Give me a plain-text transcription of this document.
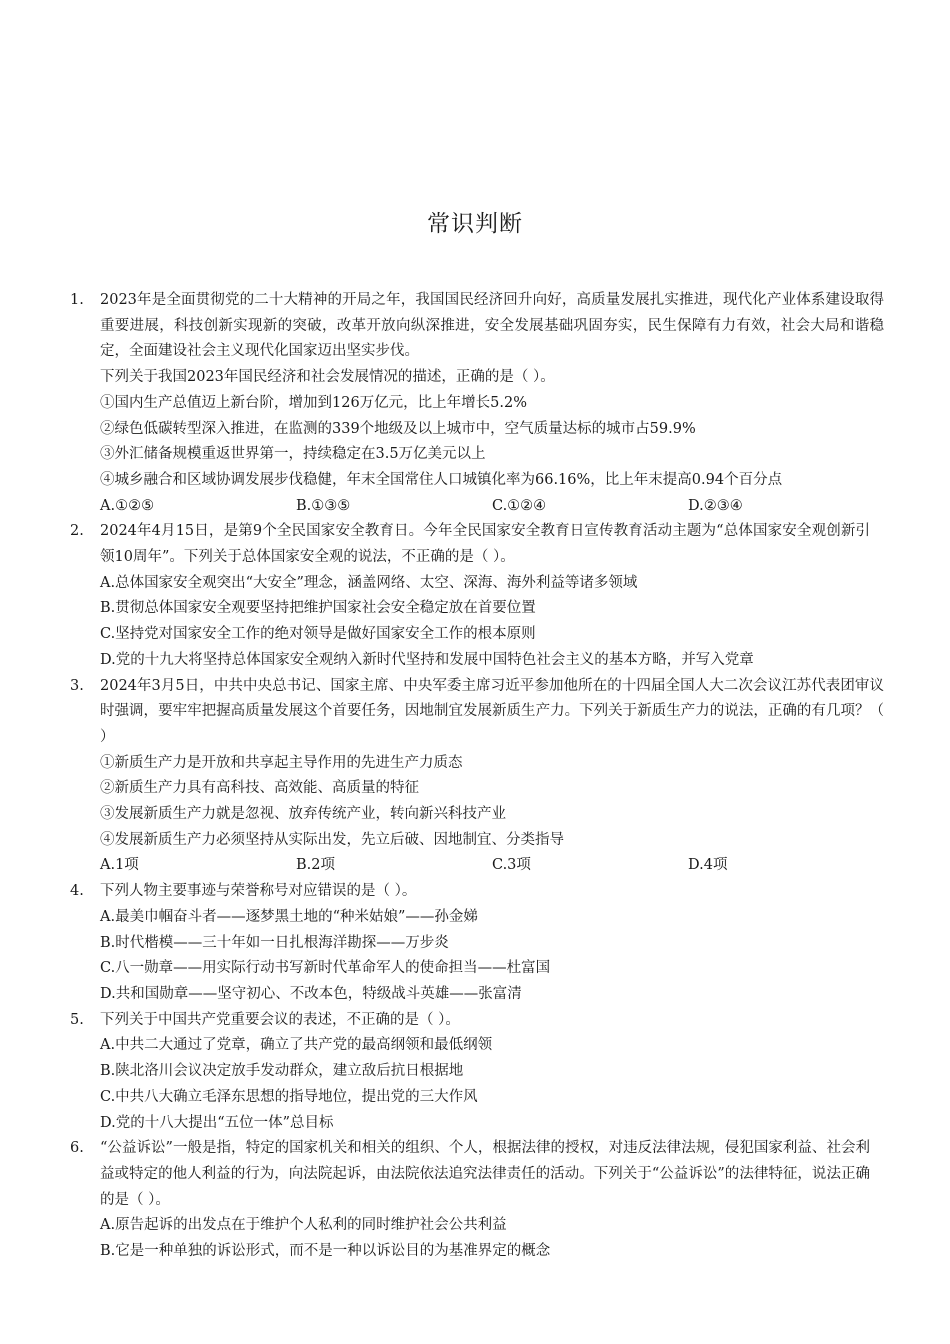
常识判断
1.	2023年是全面贯彻党的二十大精神的开局之年，我国国民经济回升向好，高质量发展扎实推进，现代化产业体系建设取得重要进展，科技创新实现新的突破，改革开放向纵深推进，安全发展基础巩固夯实，民生保障有力有效，社会大局和谐稳定，全面建设社会主义现代化国家迈出坚实步伐。
下列关于我国2023年国民经济和社会发展情况的描述，正确的是（ ）。
①国内生产总值迈上新台阶，增加到126万亿元，比上年增长5.2%
②绿色低碳转型深入推进，在监测的339个地级及以上城市中，空气质量达标的城市占59.9%
③外汇储备规模重返世界第一，持续稳定在3.5万亿美元以上
④城乡融合和区域协调发展步伐稳健，年末全国常住人口城镇化率为66.16%，比上年末提高0.94个百分点
A.①②⑤	B.①③⑤	C.①②④	D.②③④
2.	2024年4月15日，是第9个全民国家安全教育日。今年全民国家安全教育日宣传教育活动主题为“总体国家安全观创新引领10周年”。下列关于总体国家安全观的说法，不正确的是（ ）。
A.总体国家安全观突出“大安全”理念，涵盖网络、太空、深海、海外利益等诸多领域
B.贯彻总体国家安全观要坚持把维护国家社会安全稳定放在首要位置
C.坚持党对国家安全工作的绝对领导是做好国家安全工作的根本原则
D.党的十九大将坚持总体国家安全观纳入新时代坚持和发展中国特色社会主义的基本方略，并写入党章
3.	2024年3月5日，中共中央总书记、国家主席、中央军委主席习近平参加他所在的十四届全国人大二次会议江苏代表团审议时强调，要牢牢把握高质量发展这个首要任务，因地制宜发展新质生产力。下列关于新质生产力的说法，正确的有几项？（ ）
①新质生产力是开放和共享起主导作用的先进生产力质态
②新质生产力具有高科技、高效能、高质量的特征
③发展新质生产力就是忽视、放弃传统产业，转向新兴科技产业
④发展新质生产力必须坚持从实际出发，先立后破、因地制宜、分类指导
A.1项	B.2项	C.3项	D.4项
4.	下列人物主要事迹与荣誉称号对应错误的是（ ）。
A.最美巾帼奋斗者——逐梦黑土地的“种米姑娘”——孙金娣
B.时代楷模——三十年如一日扎根海洋勘探——万步炎
C.八一勋章——用实际行动书写新时代革命军人的使命担当——杜富国
D.共和国勋章——坚守初心、不改本色，特级战斗英雄——张富清
5.	下列关于中国共产党重要会议的表述，不正确的是（ ）。
A.中共二大通过了党章，确立了共产党的最高纲领和最低纲领
B.陕北洛川会议决定放手发动群众，建立敌后抗日根据地
C.中共八大确立毛泽东思想的指导地位，提出党的三大作风
D.党的十八大提出“五位一体”总目标
6.	“公益诉讼”一般是指，特定的国家机关和相关的组织、个人，根据法律的授权，对违反法律法规，侵犯国家利益、社会利益或特定的他人利益的行为，向法院起诉，由法院依法追究法律责任的活动。下列关于“公益诉讼”的法律特征，说法正确的是（ ）。
A.原告起诉的出发点在于维护个人私利的同时维护社会公共利益
B.它是一种单独的诉讼形式，而不是一种以诉讼目的为基准界定的概念
